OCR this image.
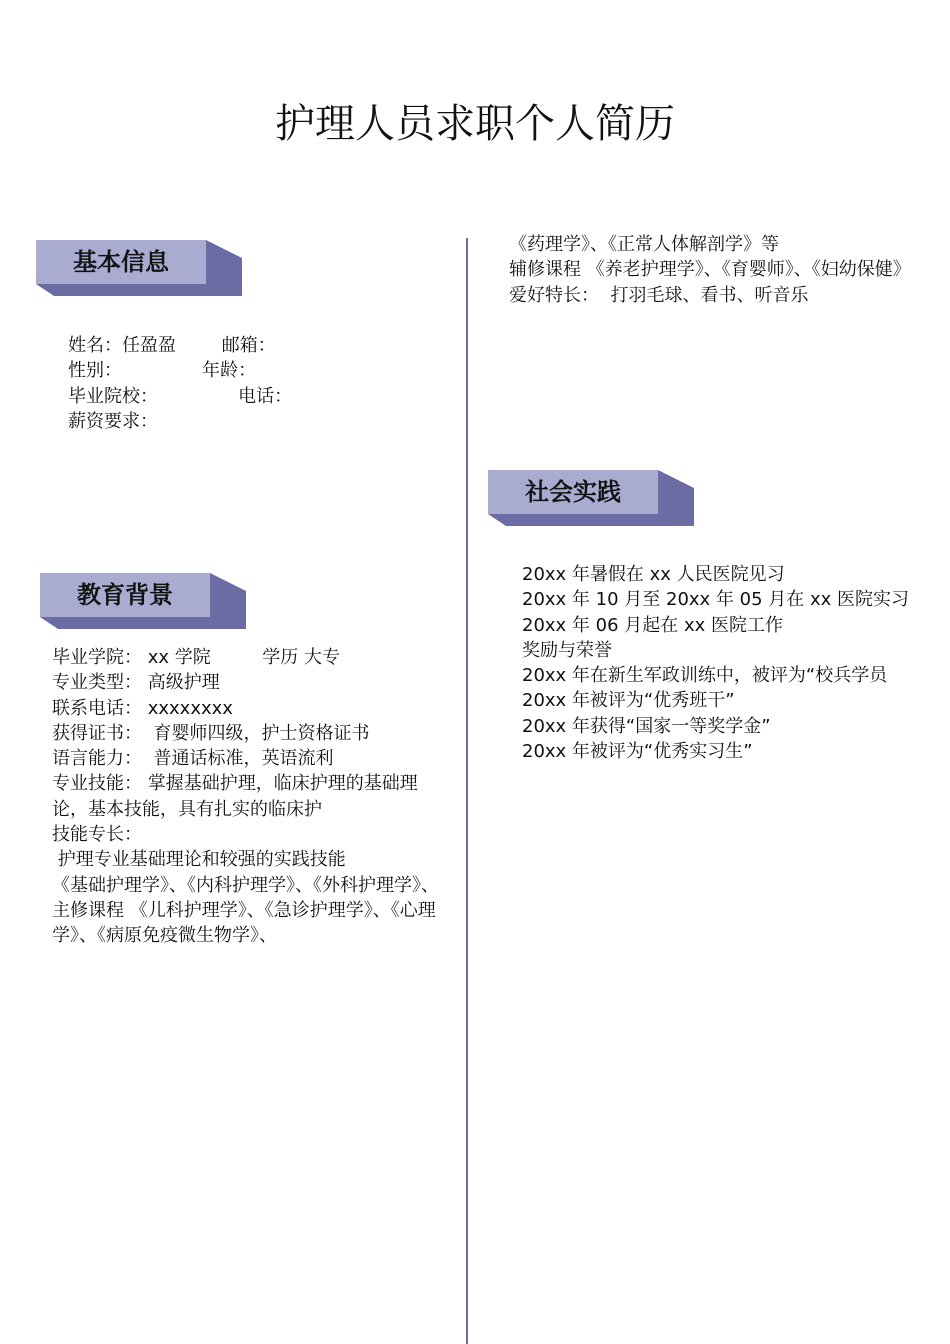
护理人员求职个人简历
基本信息
姓名：任盈盈        邮箱：
性别：              年龄：
毕业院校：              电话：
薪资要求：
教育背景
毕业学院： xx 学院         学历 大专
专业类型： 高级护理
联系电话： xxxxxxxx
获得证书：  育婴师四级，护士资格证书
语言能力：  普通话标准，英语流利
专业技能： 掌握基础护理，临床护理的基础理论，基本技能，具有扎实的临床护
技能专长：
护理专业基础理论和较强的实践技能
《基础护理学》、《内科护理学》、《外科护理学》、
主修课程 《儿科护理学》、《急诊护理学》、《心理学》、《病原免疫微生物学》、
《药理学》、《正常人体解剖学》等
辅修课程 《养老护理学》、《育婴师》、《妇幼保健》
爱好特长：  打羽毛球、看书、听音乐
社会实践
20xx 年暑假在 xx 人民医院见习
20xx 年 10 月至 20xx 年 05 月在 xx 医院实习
20xx 年 06 月起在 xx 医院工作
奖励与荣誉
20xx 年在新生军政训练中，被评为“校兵学员
20xx 年被评为“优秀班干”
20xx 年获得“国家一等奖学金”
20xx 年被评为“优秀实习生”
